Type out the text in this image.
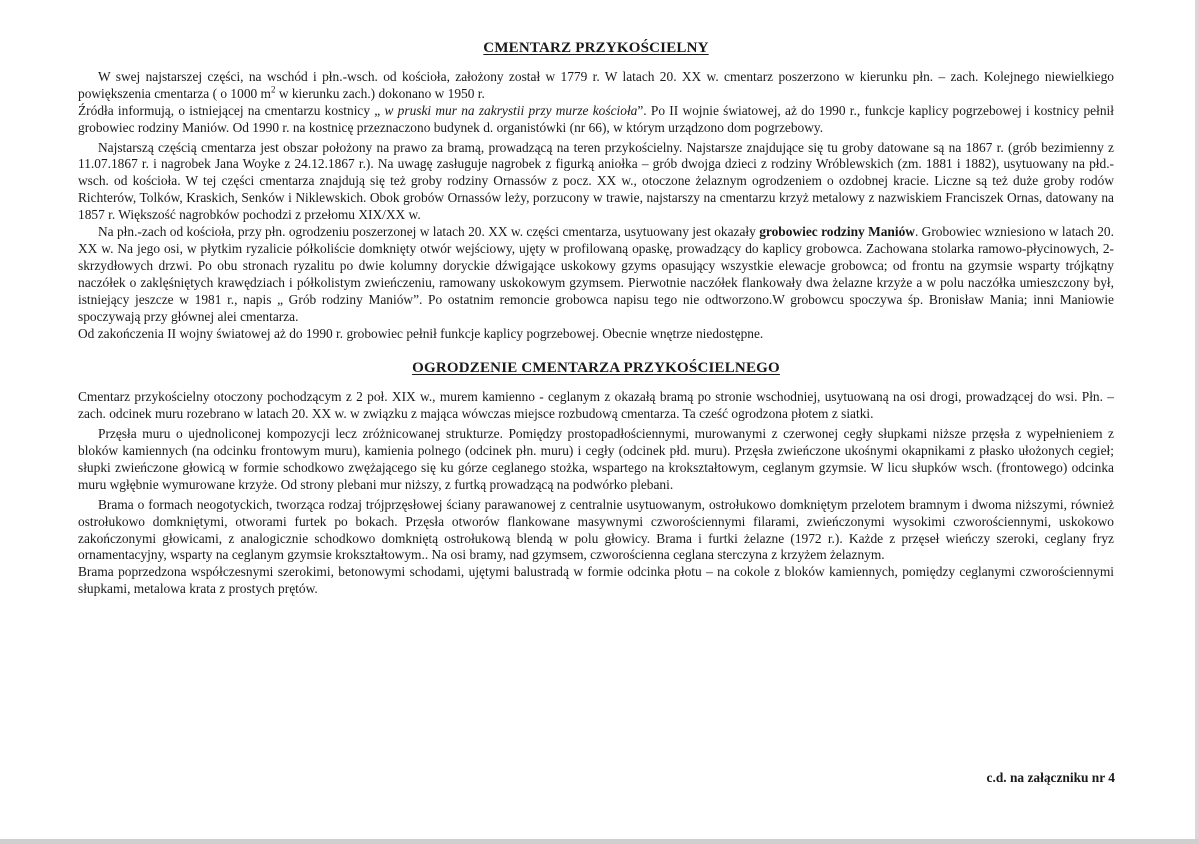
CMENTARZ PRZYKOŚCIELNY

W swej najstarszej części, na wschód i płn.-wsch. od kościoła, założony został w 1779 r. W latach 20. XX w. cmentarz poszerzono w kierunku płn. – zach. Kolejnego niewielkiego powiększenia cmentarza ( o 1000 $m^2$ w kierunku zach.) dokonano w 1950 r.

Źródła informują, o istniejącej na cmentarzu kostnicy „ w pruski mur na zakrystii przy murze kościoła”. Po II wojnie światowej, aż do 1990 r., funkcje kaplicy pogrzebowej i kostnicy pełnił grobowiec rodziny Maniów. Od 1990 r. na kostnicę przeznaczono budynek d. organistówki (nr 66), w którym urządzono dom pogrzebowy.

Najstarszą częścią cmentarza jest obszar położony na prawo za bramą, prowadzącą na teren przykościelny. Najstarsze znajdujące się tu groby datowane są na 1867 r. (grób bezimienny z 11.07.1867 r. i nagrobek Jana Woyke z 24.12.1867 r.). Na uwagę zasługuje nagrobek z figurką aniołka – grób dwojga dzieci z rodziny Wróblewskich (zm. 1881 i 1882), usytuowany na płd.-wsch. od kościoła. W tej części cmentarza znajdują się też groby rodziny Ornassów z pocz. XX w., otoczone żelaznym ogrodzeniem o ozdobnej kracie. Liczne są też duże groby rodów Richterów, Tolków, Kraskich, Senków i Niklewskich. Obok grobów Ornassów leży, porzucony w trawie, najstarszy na cmentarzu krzyż metalowy z nazwiskiem Franciszek Ornas, datowany na 1857 r. Większość nagrobków pochodzi z przełomu XIX/XX w.

Na płn.-zach od kościoła, przy płn. ogrodzeniu poszerzonej w latach 20. XX w. części cmentarza, usytuowany jest okazały grobowiec rodziny Maniów. Grobowiec wzniesiono w latach 20. XX w. Na jego osi, w płytkim ryzalicie półkoliście domknięty otwór wejściowy, ujęty w profilowaną opaskę, prowadzący do kaplicy grobowca. Zachowana stolarka ramowo-płycinowych, 2-skrzydłowych drzwi. Po obu stronach ryzalitu po dwie kolumny doryckie dźwigające uskokowy gzyms opasujący wszystkie elewacje grobowca; od frontu na gzymsie wsparty trójkątny naczółek o zaklęśniętych krawędziach i półkolistym zwieńczeniu, ramowany uskokowym gzymsem. Pierwotnie naczółek flankowały dwa żelazne krzyże a w polu naczółka umieszczony był, istniejący jeszcze w 1981 r., napis „ Grób rodziny Maniów”. Po ostatnim remoncie grobowca napisu tego nie odtworzono.W grobowcu spoczywa śp. Bronisław Mania; inni Maniowie spoczywają przy głównej alei cmentarza.

Od zakończenia II wojny światowej aż do 1990 r. grobowiec pełnił funkcje kaplicy pogrzebowej. Obecnie wnętrze niedostępne.

OGRODZENIE CMENTARZA PRZYKOŚCIELNEGO

Cmentarz przykościelny otoczony pochodzącym z 2 poł. XIX w., murem kamienno - ceglanym z okazałą bramą po stronie wschodniej, usytuowaną na osi drogi, prowadzącej do wsi. Płn. – zach. odcinek muru rozebrano w latach 20. XX w. w związku z mająca wówczas miejsce rozbudową cmentarza. Ta cześć ogrodzona płotem z siatki.

Przęsła muru o ujednoliconej kompozycji lecz zróżnicowanej strukturze. Pomiędzy prostopadłościennymi, murowanymi z czerwonej cegły słupkami niższe przęsła z wypełnieniem z bloków kamiennych (na odcinku frontowym muru), kamienia polnego (odcinek płn. muru) i cegły (odcinek płd. muru). Przęsła zwieńczone ukośnymi okapnikami z płasko ułożonych cegieł; słupki zwieńczone głowicą w formie schodkowo zwężającego się ku górze ceglanego stożka, wspartego na krokształtowym, ceglanym gzymsie. W licu słupków wsch. (frontowego) odcinka muru wgłębnie wymurowane krzyże. Od strony plebani mur niższy, z furtką prowadzącą na podwórko plebani.

Brama o formach neogotyckich, tworząca rodzaj trójprzęsłowej ściany parawanowej z centralnie usytuowanym, ostrołukowo domkniętym przelotem bramnym i dwoma niższymi, również ostrołukowo domkniętymi, otworami furtek po bokach. Przęsła otworów flankowane masywnymi czworościennymi filarami, zwieńczonymi wysokimi czworościennymi, uskokowo zakończonymi głowicami, z analogicznie schodkowo domkniętą ostrołukową blendą w polu głowicy. Brama i furtki żelazne (1972 r.). Każde z przęseł wieńczy szeroki, ceglany fryz ornamentacyjny, wsparty na ceglanym gzymsie krokształtowym.. Na osi bramy, nad gzymsem, czworościenna ceglana sterczyna z krzyżem żelaznym.

Brama poprzedzona współczesnymi szerokimi, betonowymi schodami, ujętymi balustradą w formie odcinka płotu – na cokole z bloków kamiennych, pomiędzy ceglanymi czworościennymi słupkami, metalowa krata z prostych prętów.

c.d. na załączniku nr 4
